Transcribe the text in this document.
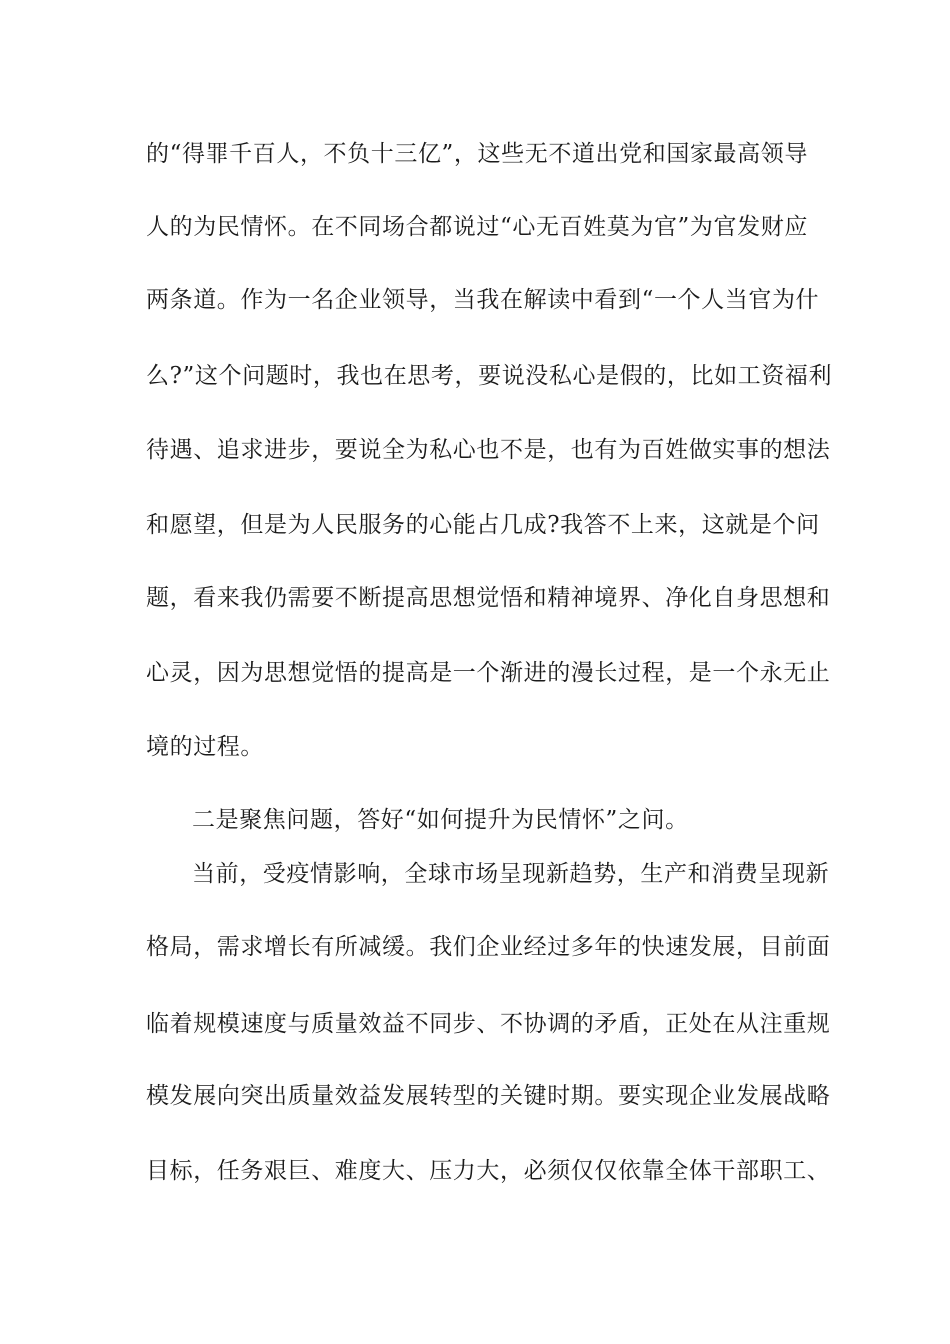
的“得罪千百人，不负十三亿”，这些无不道出党和国家最高领导
人的为民情怀。在不同场合都说过“心无百姓莫为官”为官发财应
两条道。作为一名企业领导，当我在解读中看到“一个人当官为什
么?”这个问题时，我也在思考，要说没私心是假的，比如工资福利
待遇、追求进步，要说全为私心也不是，也有为百姓做实事的想法
和愿望，但是为人民服务的心能占几成?我答不上来，这就是个问
题，看来我仍需要不断提高思想觉悟和精神境界、净化自身思想和
心灵，因为思想觉悟的提高是一个渐进的漫长过程，是一个永无止
境的过程。
二是聚焦问题，答好“如何提升为民情怀”之问。
当前，受疫情影响，全球市场呈现新趋势，生产和消费呈现新
格局，需求增长有所减缓。我们企业经过多年的快速发展，目前面
临着规模速度与质量效益不同步、不协调的矛盾，正处在从注重规
模发展向突出质量效益发展转型的关键时期。要实现企业发展战略
目标，任务艰巨、难度大、压力大，必须仅仅依靠全体干部职工、
